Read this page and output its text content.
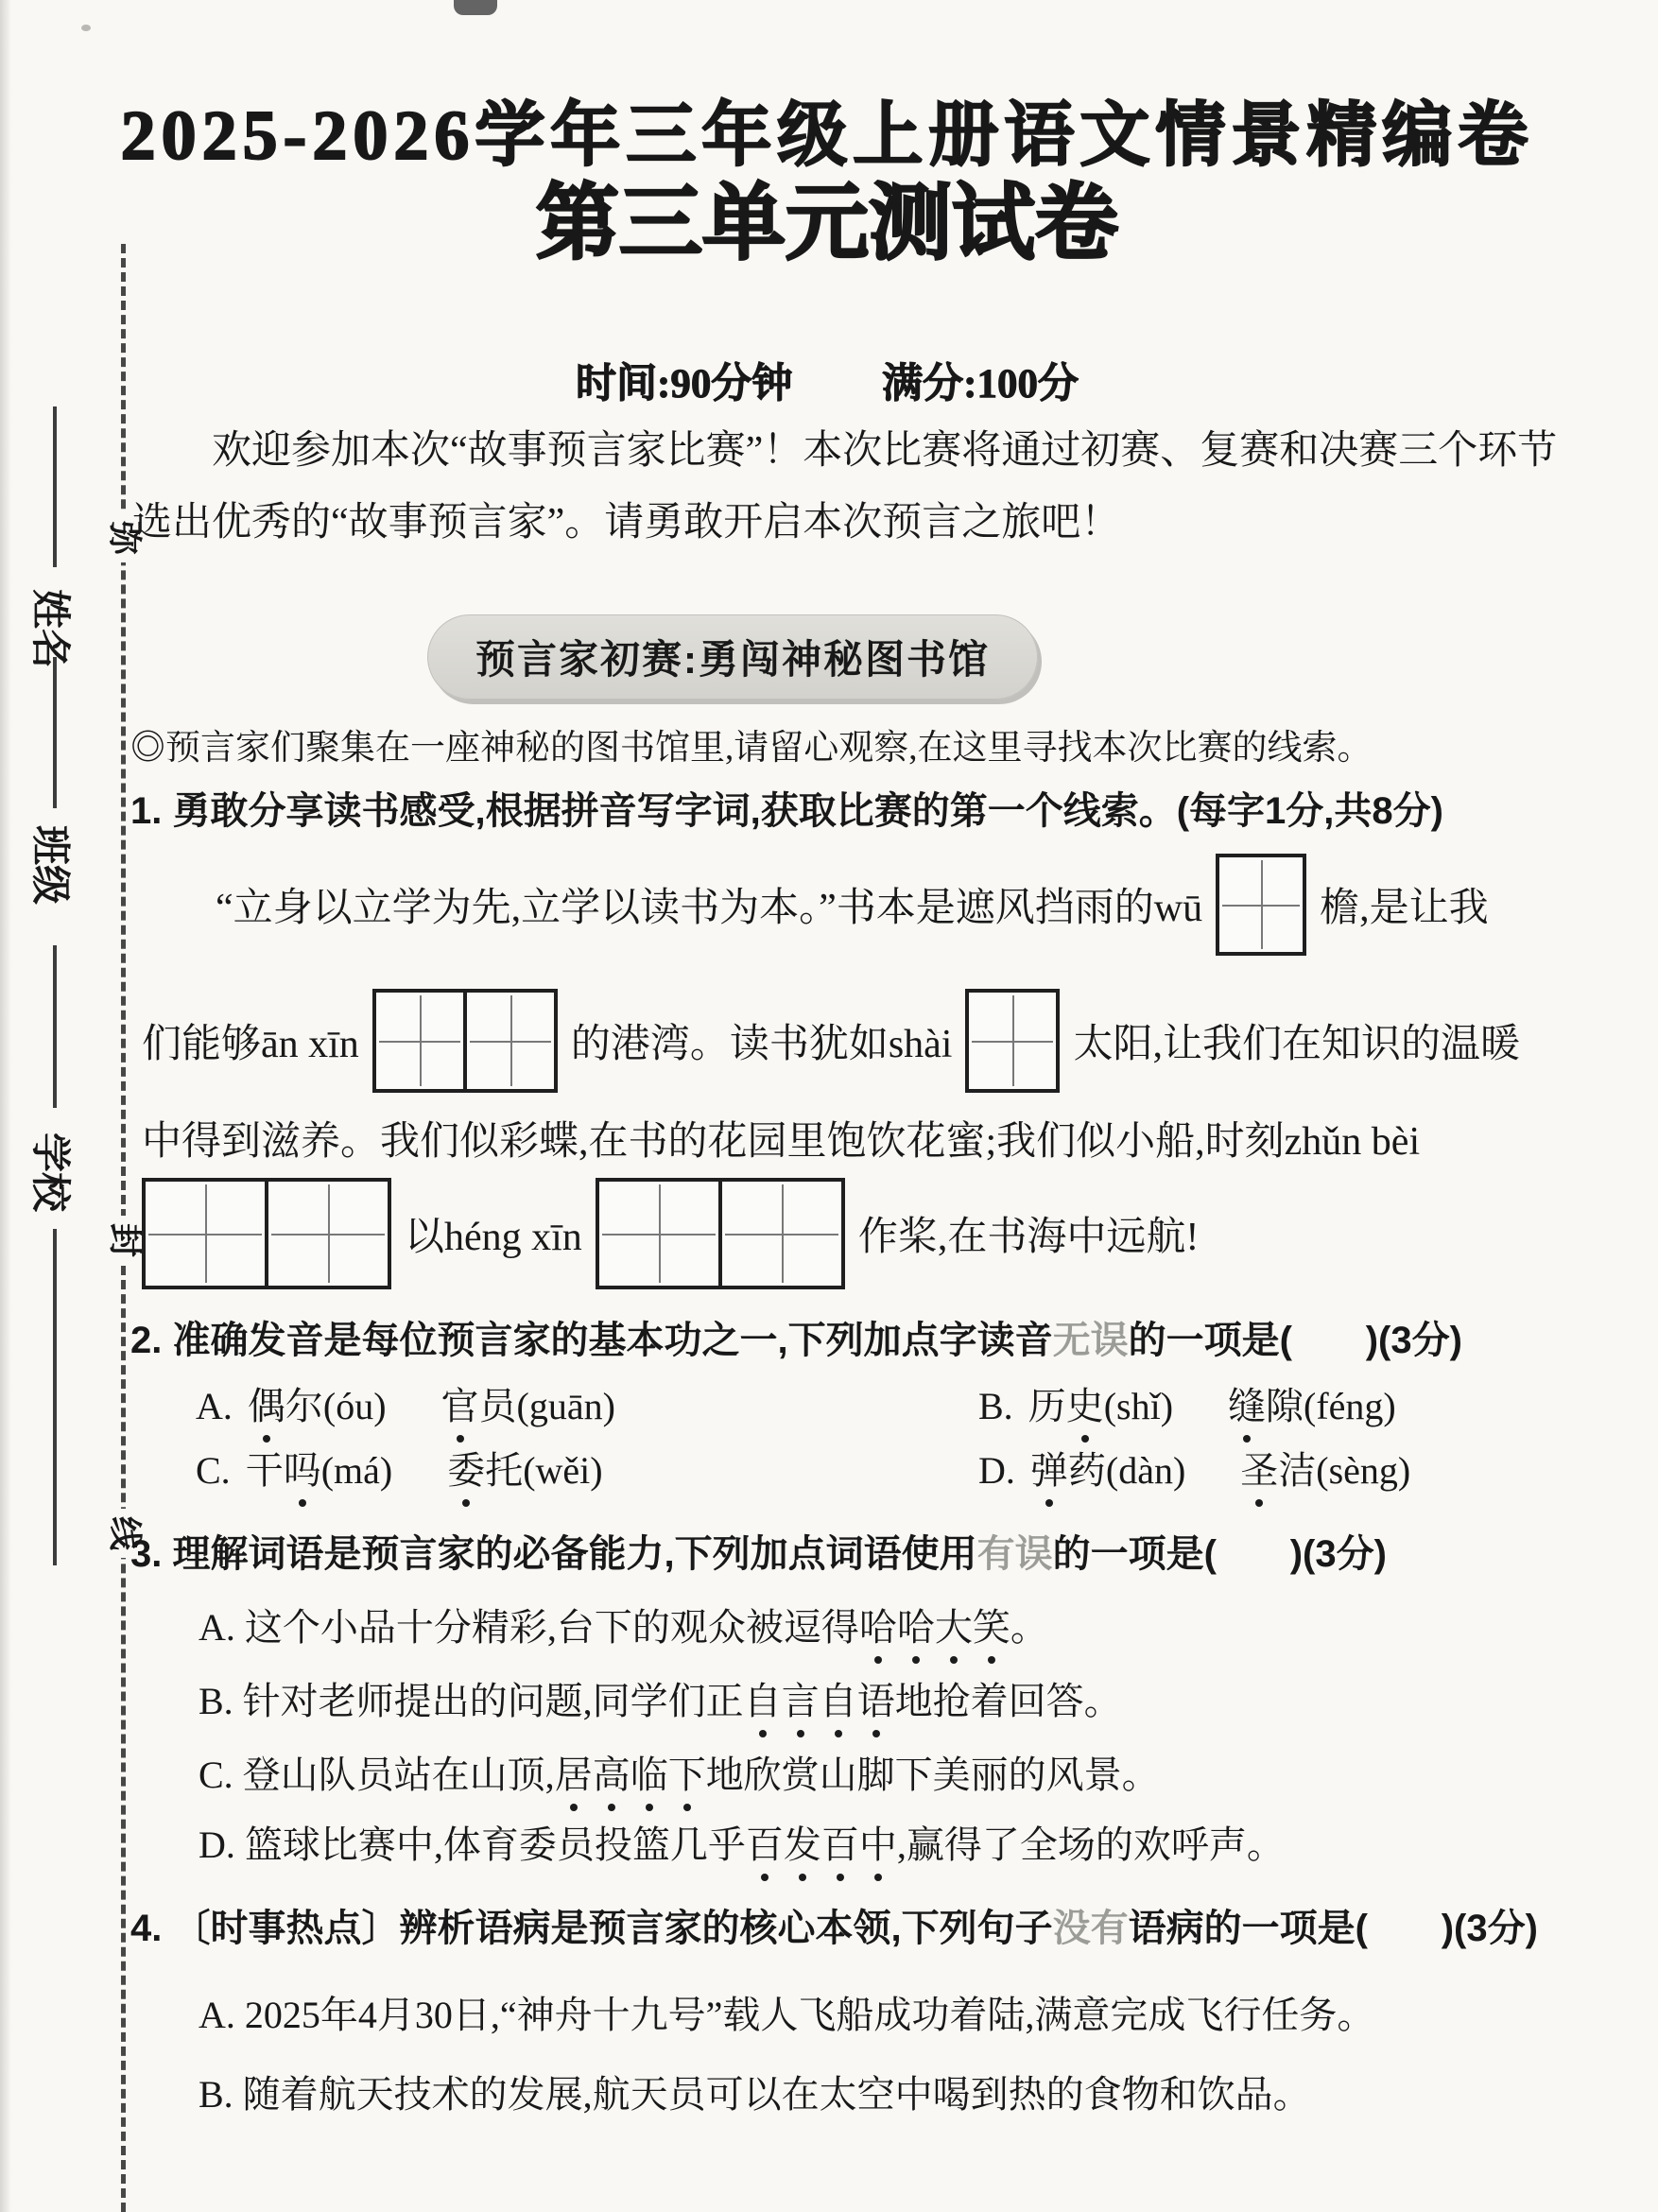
姓名
班级
学校
弥
封
线
2025-2026学年三年级上册语文情景精编卷
第三单元测试卷
时间:90分钟 满分:100分

欢迎参加本次“故事预言家比赛”！本次比赛将通过初赛、复赛和决赛三个环节

选出优秀的“故事预言家”。请勇敢开启本次预言之旅吧！

预言家初赛:勇闯神秘图书馆

◎预言家们聚集在一座神秘的图书馆里,请留心观察,在这里寻找本次比赛的线索。

1. 勇敢分享读书感受,根据拼音写字词,获取比赛的第一个线索。(每字1分,共8分)

“立身以立学为先,立学以读书为本。”书本是遮风挡雨的wū	檐,是让我
们能够ān xīn	的港湾。读书犹如shài	太阳,让我们在知识的温暖
中得到滋养。我们似彩蝶,在书的花园里饱饮花蜜;我们似小船,时刻zhǔn bèi
以héng xīn	作桨,在书海中远航!

2. 准确发音是每位预言家的基本功之一,下列加点字读音无误的一项是(       )(3分)

A. 偶尔(óu) 官员(guān)	B. 历史(shǐ) 缝隙(féng)
C. 干吗(má) 委托(wěi)	D. 弹药(dàn) 圣洁(sèng)

3. 理解词语是预言家的必备能力,下列加点词语使用有误的一项是(       )(3分)

A. 这个小品十分精彩,台下的观众被逗得哈哈大笑。

B. 针对老师提出的问题,同学们正自言自语地抢着回答。

C. 登山队员站在山顶,居高临下地欣赏山脚下美丽的风景。

D. 篮球比赛中,体育委员投篮几乎百发百中,赢得了全场的欢呼声。

4. 〔时事热点〕辨析语病是预言家的核心本领,下列句子没有语病的一项是(       )(3分)

A. 2025年4月30日,“神舟十九号”载人飞船成功着陆,满意完成飞行任务。

B. 随着航天技术的发展,航天员可以在太空中喝到热的食物和饮品。
